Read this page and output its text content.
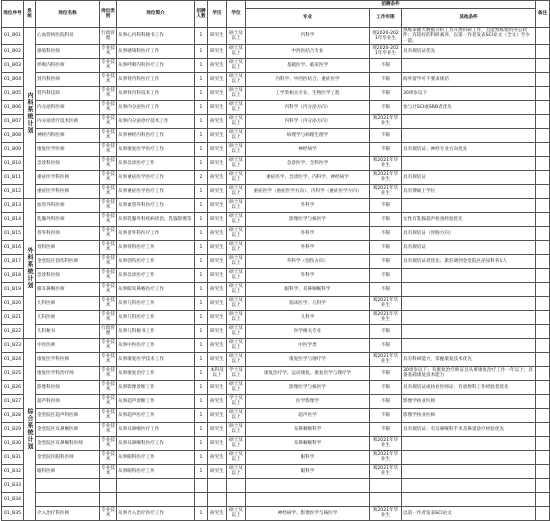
岗位序号	系统	岗位名称	岗位类别	岗位简介	招聘人数	学历	学位	招聘条件			备注
								专业	工作年限	其他条件	
01_B01	内科系统计划	心血管病医院科员	行政管理	从事心内科科秘书工作	1	研究生	硕士及以上	内科学	须2020-2021年毕业生	熟练掌握大数据分析工具开展科研工作，且能熟练使用办公软件；有较好的科研素养，以第一作者发表SCI论文（全文）至少一篇。	
01_B02		感染科医师	专业技术	从事感染科医疗工作	1	研究生	硕士及以上	中西医结合专业	须2020-2021年毕业生	具有规培证优先	
01_B03		呼吸内科医师	专业技术	从事呼吸内科医疗工作	1	研究生	硕士及以上	基础医学、临床医学	不限		
01_B04		肾内科医师	专业技术	从事肾内科医疗工作	1	研究生	硕士及以上	内科学、中西医结合、重症医学	不限	海外留学可不要求规培	
01_B05		肾内科技师	专业技术	从事肾内科技术工作	1	研究生	硕士及以上	工学类相关专业、生物医学工程	不限	30周岁以下	
01_B06		内分泌科医师	专业技术	从事内分泌医疗工作	1	研究生	硕士及以上	内科学（内分泌方向）	不限	参与过SCI或SRB者优先	
01_B07		内分泌诊疗技术医师	专业技术	从事内分泌诊疗技术工作	1	研究生	硕士及以上	内科学（内分泌方向）	须2021年毕业生		
01_B08		神经内科医师	专业技术	从事神经内科医疗工作	1	研究生	硕士及以上	病理学与病理生理学	不限		
01_B09		康复医学医师	专业技术	从事康复医学医疗工作	1	研究生	硕士及以上	神经病学	不限	具有规培证；神经专业方向优先	
01_B10		急诊科医师	专业技术	从事急诊医疗工作	1	研究生	硕士及以上	急诊医学、全科医学	须2021年毕业生		
01_B11		重症医学科医师	专业技术	从事重症医学医疗工作	2	研究生	硕士及以上	重症医学、急诊医学、内科学、神经病学	须2021年毕业生	具有规培证	
01_B12		重症医学科医师	专业技术	从事重症医学医疗工作	1	研究生	硕士及以上	重症医学（重症医学方向）、内科学（重症医学方向）	须2021年毕业生	具有博硕士学位	
01_B13	外科系统计划	血管外科医师	专业技术	从事血管外科医疗工作	1	研究生	硕士及以上	外科学	不限		
01_B14		乳腺外科医师	专业技术	从事乳腺外科疾病诊治、乳腺影像等	1	研究生	硕士及以上	影像医学与核医学	不限	女性有乳腺超声检查经验优先	
01_B15		普外科医师	专业技术	从事普外科医疗工作	1	研究生	硕士及以上	外科学	不限	具有规培证（胃肠方向）	
01_B16		骨科医师	专业技术	从事骨科医疗工作	1	研究生	硕士及以上	外科学	不限	具有规培证	
01_B17		金堂院区创伤科医师	专业技术	从事创伤医疗工作	1	研究生	硕士及以上	外科学（创伤方向）	不限	具有规培证者优先；派驻调到金堂院区泌尿科各1人	
01_B18		急诊科医师	专业技术	从事急诊医疗工作	1	研究生	硕士及以上	外科学	不限		
01_B19		眼耳鼻喉医师	专业技术	从事眼耳鼻喉医疗工作	1	研究生	硕士及以上	眼科学、耳鼻咽喉科学	不限		
01_B20		儿科医师	专业技术	从事儿科医疗工作	1	研究生	硕士及以上	临床医学、儿科学	须2021年毕业生		
01_B21		儿科医师	专业技术	从事儿科医疗工作	1	研究生	硕士及以上	儿科学	须2021年毕业生		
01_B22		儿科秘书	行政管理	从事儿科秘书工作	1	研究生	硕士及以上	医学相关专业	不限		
01_B23	综合系统计划	中医医师	专业技术	从事中医医疗工作	1	研究生	硕士及以上	中医学类	不限		
01_B24		康复医学科医师	专业技术	从事康复医学技术工作	1	研究生	硕士及以上	康复医学与理疗学	须2021年毕业生	具有科研能力，掌握康复技术优先	
01_B25		康复医学科治疗师	专业技术	从事康复治疗工作	1	本科及以上	学士及以上	康复治疗学、运动康复、康复医学与理疗学	不限	30周岁以下；有康复治疗师证且从事康复治疗工作一年以上；具备基础康复技术能力	
01_B26		影像科医师	专业技术	从事影像诊断工作	1	研究生	硕士及以上	影像医学与核医学	不限	具有规培证或执业医师证；有放射科工作经验者优先	
01_B27		超声科医师	专业技术	从事超声诊断工作	1	研究生	学士及以上	医学影像学	不限	影像学执业医师	
01_B28		金堂院区超声科医师	专业技术	从事超声医疗工作	1	研究生	硕士及以上	超声医学	不限	影像学执业医师	
01_B29		金堂院区耳鼻喉医师	专业技术	从事耳鼻喉医疗工作	1	研究生	硕士及以上	耳鼻咽喉科学	不限	具有规培证；有耳鼻喉科手术及鼻窦诊疗经验优先	
01_B30		金堂院区耳鼻喉科医师	专业技术	从事耳鼻喉科医疗工作	1	研究生	硕士及以上	耳鼻咽喉科学	须2021年毕业生		
01_B31		金堂院区眼科医师	专业技术	从事眼科医疗工作	1	研究生	硕士及以上	眼科学	须2021年毕业生		
01_B32		眼科医师	专业技术	从事眼科医疗工作	1	研究生	硕士及以上	眼科学	须2021年毕业生		
01_B33											
01_B34											
01_B35		介入治疗科医师	专业技术	从事介入治疗医疗工作	1	研究生	硕士及以上	神经病学、影像医学与核医学	须2021年毕业生	以第一作者发表SCI论文	
